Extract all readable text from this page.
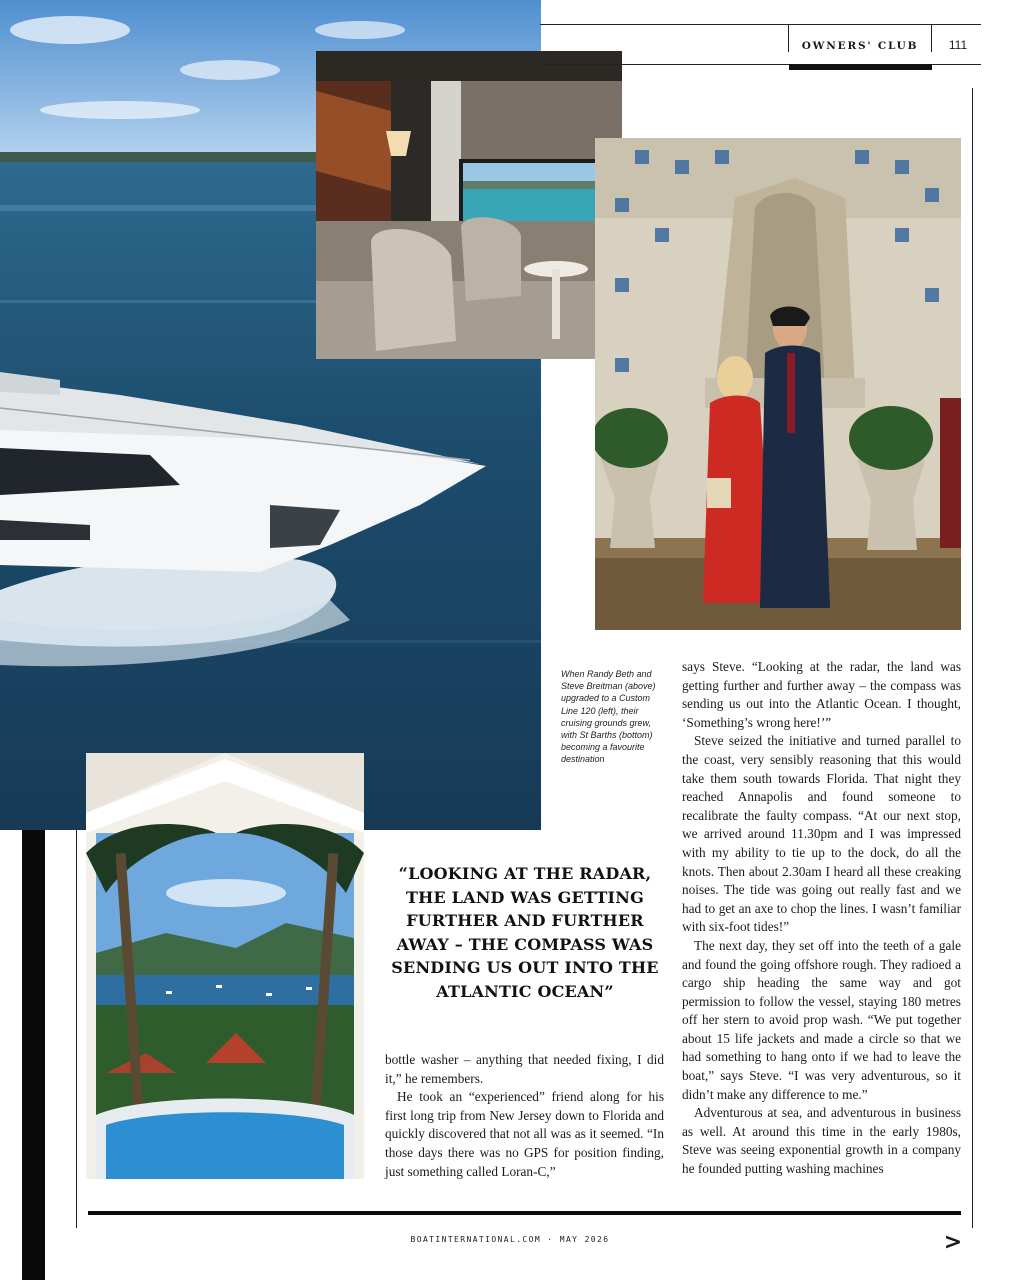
OWNERS' CLUB	111
When Randy Beth and Steve Breitman (above) upgraded to a Custom Line 120 (left), their cruising grounds grew, with St Barths (bottom) becoming a favourite destination
“LOOKING AT THE RADAR, THE LAND WAS GETTING FURTHER AND FURTHER AWAY – THE COMPASS WAS SENDING US OUT INTO THE ATLANTIC OCEAN”

bottle washer – anything that needed fixing, I did it,” he remembers.

He took an “experienced” friend along for his first long trip from New Jersey down to Florida and quickly discovered that not all was as it seemed. “In those days there was no GPS for position finding, just something called Loran-C,”

says Steve. “Looking at the radar, the land was getting further and further away – the compass was sending us out into the Atlantic Ocean. I thought, ‘Something’s wrong here!’”

Steve seized the initiative and turned parallel to the coast, very sensibly reasoning that this would take them south towards Florida. That night they reached Annapolis and found someone to recalibrate the faulty compass. “At our next stop, we arrived around 11.30pm and I was impressed with my ability to tie up to the dock, do all the knots. Then about 2.30am I heard all these creaking noises. The tide was going out really fast and we had to get an axe to chop the lines. I wasn’t familiar with six-foot tides!”

The next day, they set off into the teeth of a gale and found the going offshore rough. They radioed a cargo ship heading the same way and got permission to follow the vessel, staying 180 metres off her stern to avoid prop wash. “We put together about 15 life jackets and made a circle so that we had something to hang onto if we had to leave the boat,” says Steve. “I was very adventurous, so it didn’t make any difference to me.”

Adventurous at sea, and adventurous in business as well. At around this time in the early 1980s, Steve was seeing exponential growth in a company he founded putting washing machines

BOATINTERNATIONAL.COM · MAY 2026	>
